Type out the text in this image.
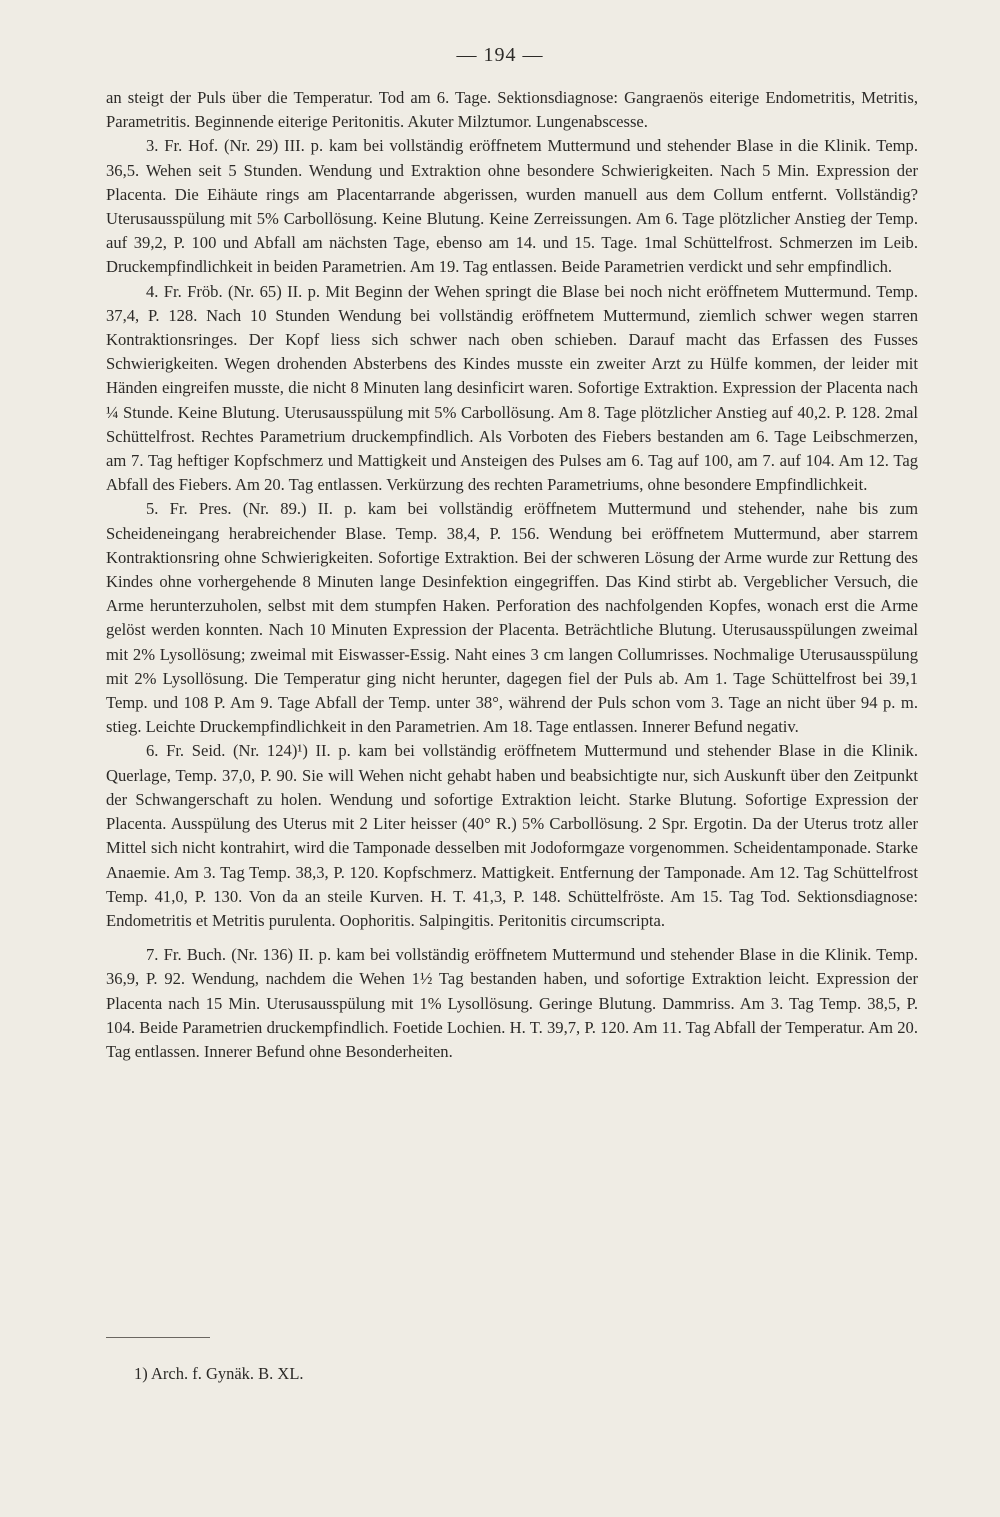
— 194 —

an steigt der Puls über die Temperatur. Tod am 6. Tage. Sektionsdiagnose: Gangraenös eiterige Endometritis, Metritis, Parametritis. Beginnende eiterige Peritonitis. Akuter Milztumor. Lungenabscesse.

3. Fr. Hof. (Nr. 29) III. p. kam bei vollständig eröffnetem Muttermund und stehender Blase in die Klinik. Temp. 36,5. Wehen seit 5 Stunden. Wendung und Extraktion ohne besondere Schwierigkeiten. Nach 5 Min. Expression der Placenta. Die Eihäute rings am Placentarrande abgerissen, wurden manuell aus dem Collum entfernt. Vollständig? Uterusausspülung mit 5% Carbollösung. Keine Blutung. Keine Zerreissungen. Am 6. Tage plötzlicher Anstieg der Temp. auf 39,2, P. 100 und Abfall am nächsten Tage, ebenso am 14. und 15. Tage. 1mal Schüttelfrost. Schmerzen im Leib. Druckempfindlichkeit in beiden Parametrien. Am 19. Tag entlassen. Beide Parametrien verdickt und sehr empfindlich.

4. Fr. Fröb. (Nr. 65) II. p. Mit Beginn der Wehen springt die Blase bei noch nicht eröffnetem Muttermund. Temp. 37,4, P. 128. Nach 10 Stunden Wendung bei vollständig eröffnetem Muttermund, ziemlich schwer wegen starren Kontraktionsringes. Der Kopf liess sich schwer nach oben schieben. Darauf macht das Erfassen des Fusses Schwierigkeiten. Wegen drohenden Absterbens des Kindes musste ein zweiter Arzt zu Hülfe kommen, der leider mit Händen eingreifen musste, die nicht 8 Minuten lang desinficirt waren. Sofortige Extraktion. Expression der Placenta nach ¼ Stunde. Keine Blutung. Uterusausspülung mit 5% Carbollösung. Am 8. Tage plötzlicher Anstieg auf 40,2. P. 128. 2mal Schüttelfrost. Rechtes Parametrium druckempfindlich. Als Vorboten des Fiebers bestanden am 6. Tage Leibschmerzen, am 7. Tag heftiger Kopfschmerz und Mattigkeit und Ansteigen des Pulses am 6. Tag auf 100, am 7. auf 104. Am 12. Tag Abfall des Fiebers. Am 20. Tag entlassen. Verkürzung des rechten Parametriums, ohne besondere Empfindlichkeit.

5. Fr. Pres. (Nr. 89.) II. p. kam bei vollständig eröffnetem Muttermund und stehender, nahe bis zum Scheideneingang herabreichender Blase. Temp. 38,4, P. 156. Wendung bei eröffnetem Muttermund, aber starrem Kontraktionsring ohne Schwierigkeiten. Sofortige Extraktion. Bei der schweren Lösung der Arme wurde zur Rettung des Kindes ohne vorhergehende 8 Minuten lange Desinfektion eingegriffen. Das Kind stirbt ab. Vergeblicher Versuch, die Arme herunterzuholen, selbst mit dem stumpfen Haken. Perforation des nachfolgenden Kopfes, wonach erst die Arme gelöst werden konnten. Nach 10 Minuten Expression der Placenta. Beträchtliche Blutung. Uterusausspülungen zweimal mit 2% Lysollösung; zweimal mit Eiswasser-Essig. Naht eines 3 cm langen Collumrisses. Nochmalige Uterusausspülung mit 2% Lysollösung. Die Temperatur ging nicht herunter, dagegen fiel der Puls ab. Am 1. Tage Schüttelfrost bei 39,1 Temp. und 108 P. Am 9. Tage Abfall der Temp. unter 38°, während der Puls schon vom 3. Tage an nicht über 94 p. m. stieg. Leichte Druckempfindlichkeit in den Parametrien. Am 18. Tage entlassen. Innerer Befund negativ.

6. Fr. Seid. (Nr. 124)¹) II. p. kam bei vollständig eröffnetem Muttermund und stehender Blase in die Klinik. Querlage, Temp. 37,0, P. 90. Sie will Wehen nicht gehabt haben und beabsichtigte nur, sich Auskunft über den Zeitpunkt der Schwangerschaft zu holen. Wendung und sofortige Extraktion leicht. Starke Blutung. Sofortige Expression der Placenta. Ausspülung des Uterus mit 2 Liter heisser (40° R.) 5% Carbollösung. 2 Spr. Ergotin. Da der Uterus trotz aller Mittel sich nicht kontrahirt, wird die Tamponade desselben mit Jodoformgaze vorgenommen. Scheidentamponade. Starke Anaemie. Am 3. Tag Temp. 38,3, P. 120. Kopfschmerz. Mattigkeit. Entfernung der Tamponade. Am 12. Tag Schüttelfrost Temp. 41,0, P. 130. Von da an steile Kurven. H. T. 41,3, P. 148. Schüttelfröste. Am 15. Tag Tod. Sektionsdiagnose: Endometritis et Metritis purulenta. Oophoritis. Salpingitis. Peritonitis circumscripta.

7. Fr. Buch. (Nr. 136) II. p. kam bei vollständig eröffnetem Muttermund und stehender Blase in die Klinik. Temp. 36,9, P. 92. Wendung, nachdem die Wehen 1½ Tag bestanden haben, und sofortige Extraktion leicht. Expression der Placenta nach 15 Min. Uterusausspülung mit 1% Lysollösung. Geringe Blutung. Dammriss. Am 3. Tag Temp. 38,5, P. 104. Beide Parametrien druckempfindlich. Foetide Lochien. H. T. 39,7, P. 120. Am 11. Tag Abfall der Temperatur. Am 20. Tag entlassen. Innerer Befund ohne Besonderheiten.

1) Arch. f. Gynäk. B. XL.
